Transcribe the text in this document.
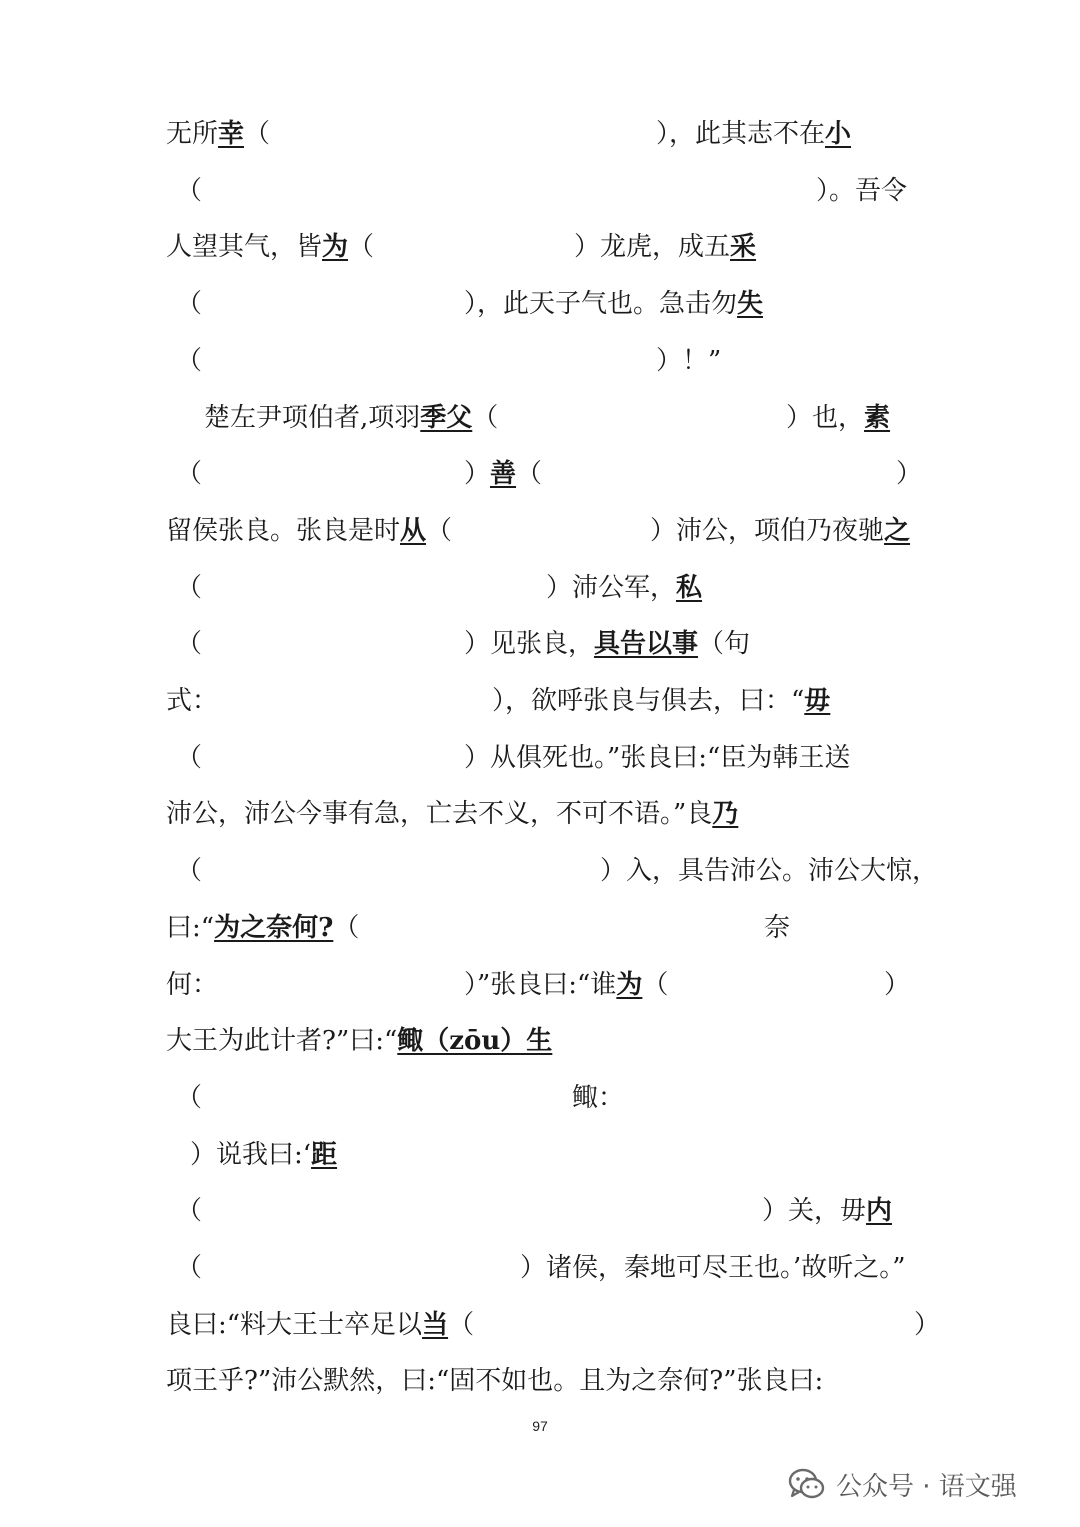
无所幸（	），此其志不在小
（	）。吾令
人望其气，皆为（	）龙虎，成五采
（	），此天子气也。急击勿失
（	）！”
楚左尹项伯者,项羽季父（	）也，素
（	）善（	）
留侯张良。张良是时从（	）沛公，项伯乃夜驰之
（	）沛公军，私
（	）见张良，具告以事（句
式：	），欲呼张良与俱去，曰：“毋
（	）从俱死也。”张良曰:“臣为韩王送
沛公，沛公今事有急，亡去不义，不可不语。”良乃
（	）入，具告沛公。沛公大惊，
曰:“为之奈何?（	奈
何：	）”张良曰:“谁为（	）
大王为此计者?”曰:“鲰（zōu）生
（	鲰：
）说我曰:‘距
（	）关，毋内
（	）诸侯，秦地可尽王也。’故听之。”
良曰:“料大王士卒足以当（	）
项王乎?”沛公默然，曰:“固不如也。且为之奈何?”张良曰:
97
公众号 · 语文强
